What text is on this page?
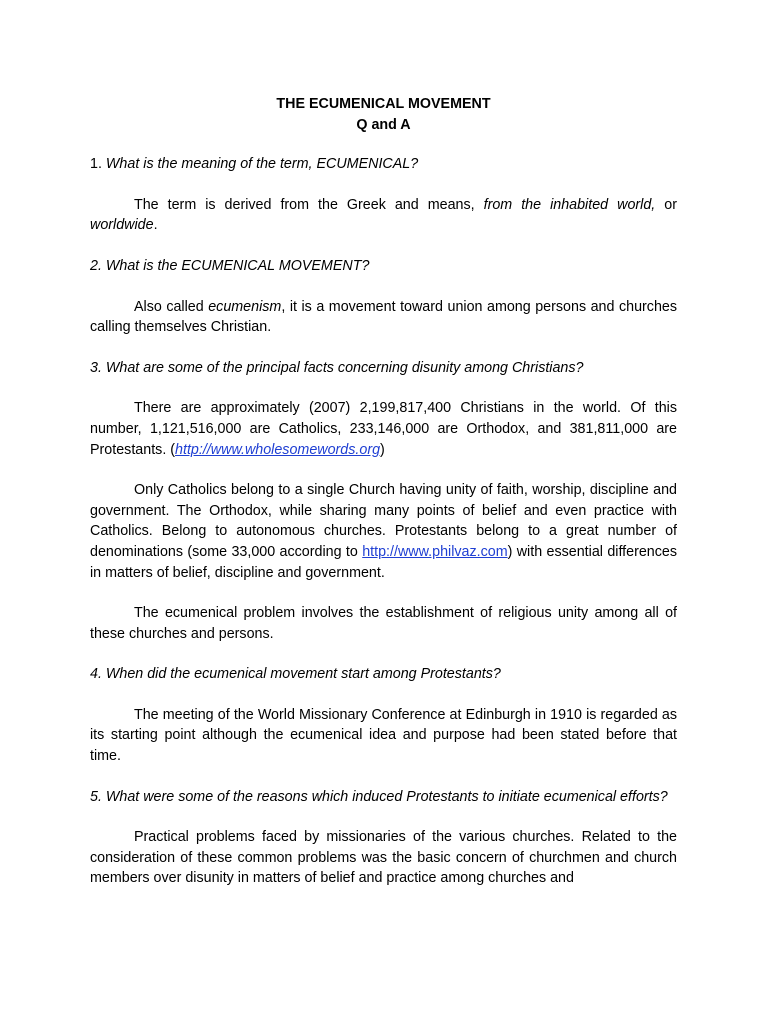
THE ECUMENICAL MOVEMENT

Q and A

1. What is the meaning of the term, ECUMENICAL?

The term is derived from the Greek and means, from the inhabited world, or worldwide.

2. What is the ECUMENICAL MOVEMENT?

Also called ecumenism, it is a movement toward union among persons and churches calling themselves Christian.

3. What are some of the principal facts concerning disunity among Christians?

There are approximately (2007) 2,199,817,400 Christians in the world. Of this number, 1,121,516,000 are Catholics, 233,146,000 are Orthodox, and 381,811,000 are Protestants. (http://www.wholesomewords.org)

Only Catholics belong to a single Church having unity of faith, worship, discipline and government. The Orthodox, while sharing many points of belief and even practice with Catholics. Belong to autonomous churches. Protestants belong to a great number of denominations (some 33,000 according to http://www.philvaz.com) with essential differences in matters of belief, discipline and government.

The ecumenical problem involves the establishment of religious unity among all of these churches and persons.

4. When did the ecumenical movement start among Protestants?

The meeting of the World Missionary Conference at Edinburgh in 1910 is regarded as its starting point although the ecumenical idea and purpose had been stated before that time.

5. What were some of the reasons which induced Protestants to initiate ecumenical efforts?

Practical problems faced by missionaries of the various churches. Related to the consideration of these common problems was the basic concern of churchmen and church members over disunity in matters of belief and practice among churches and
